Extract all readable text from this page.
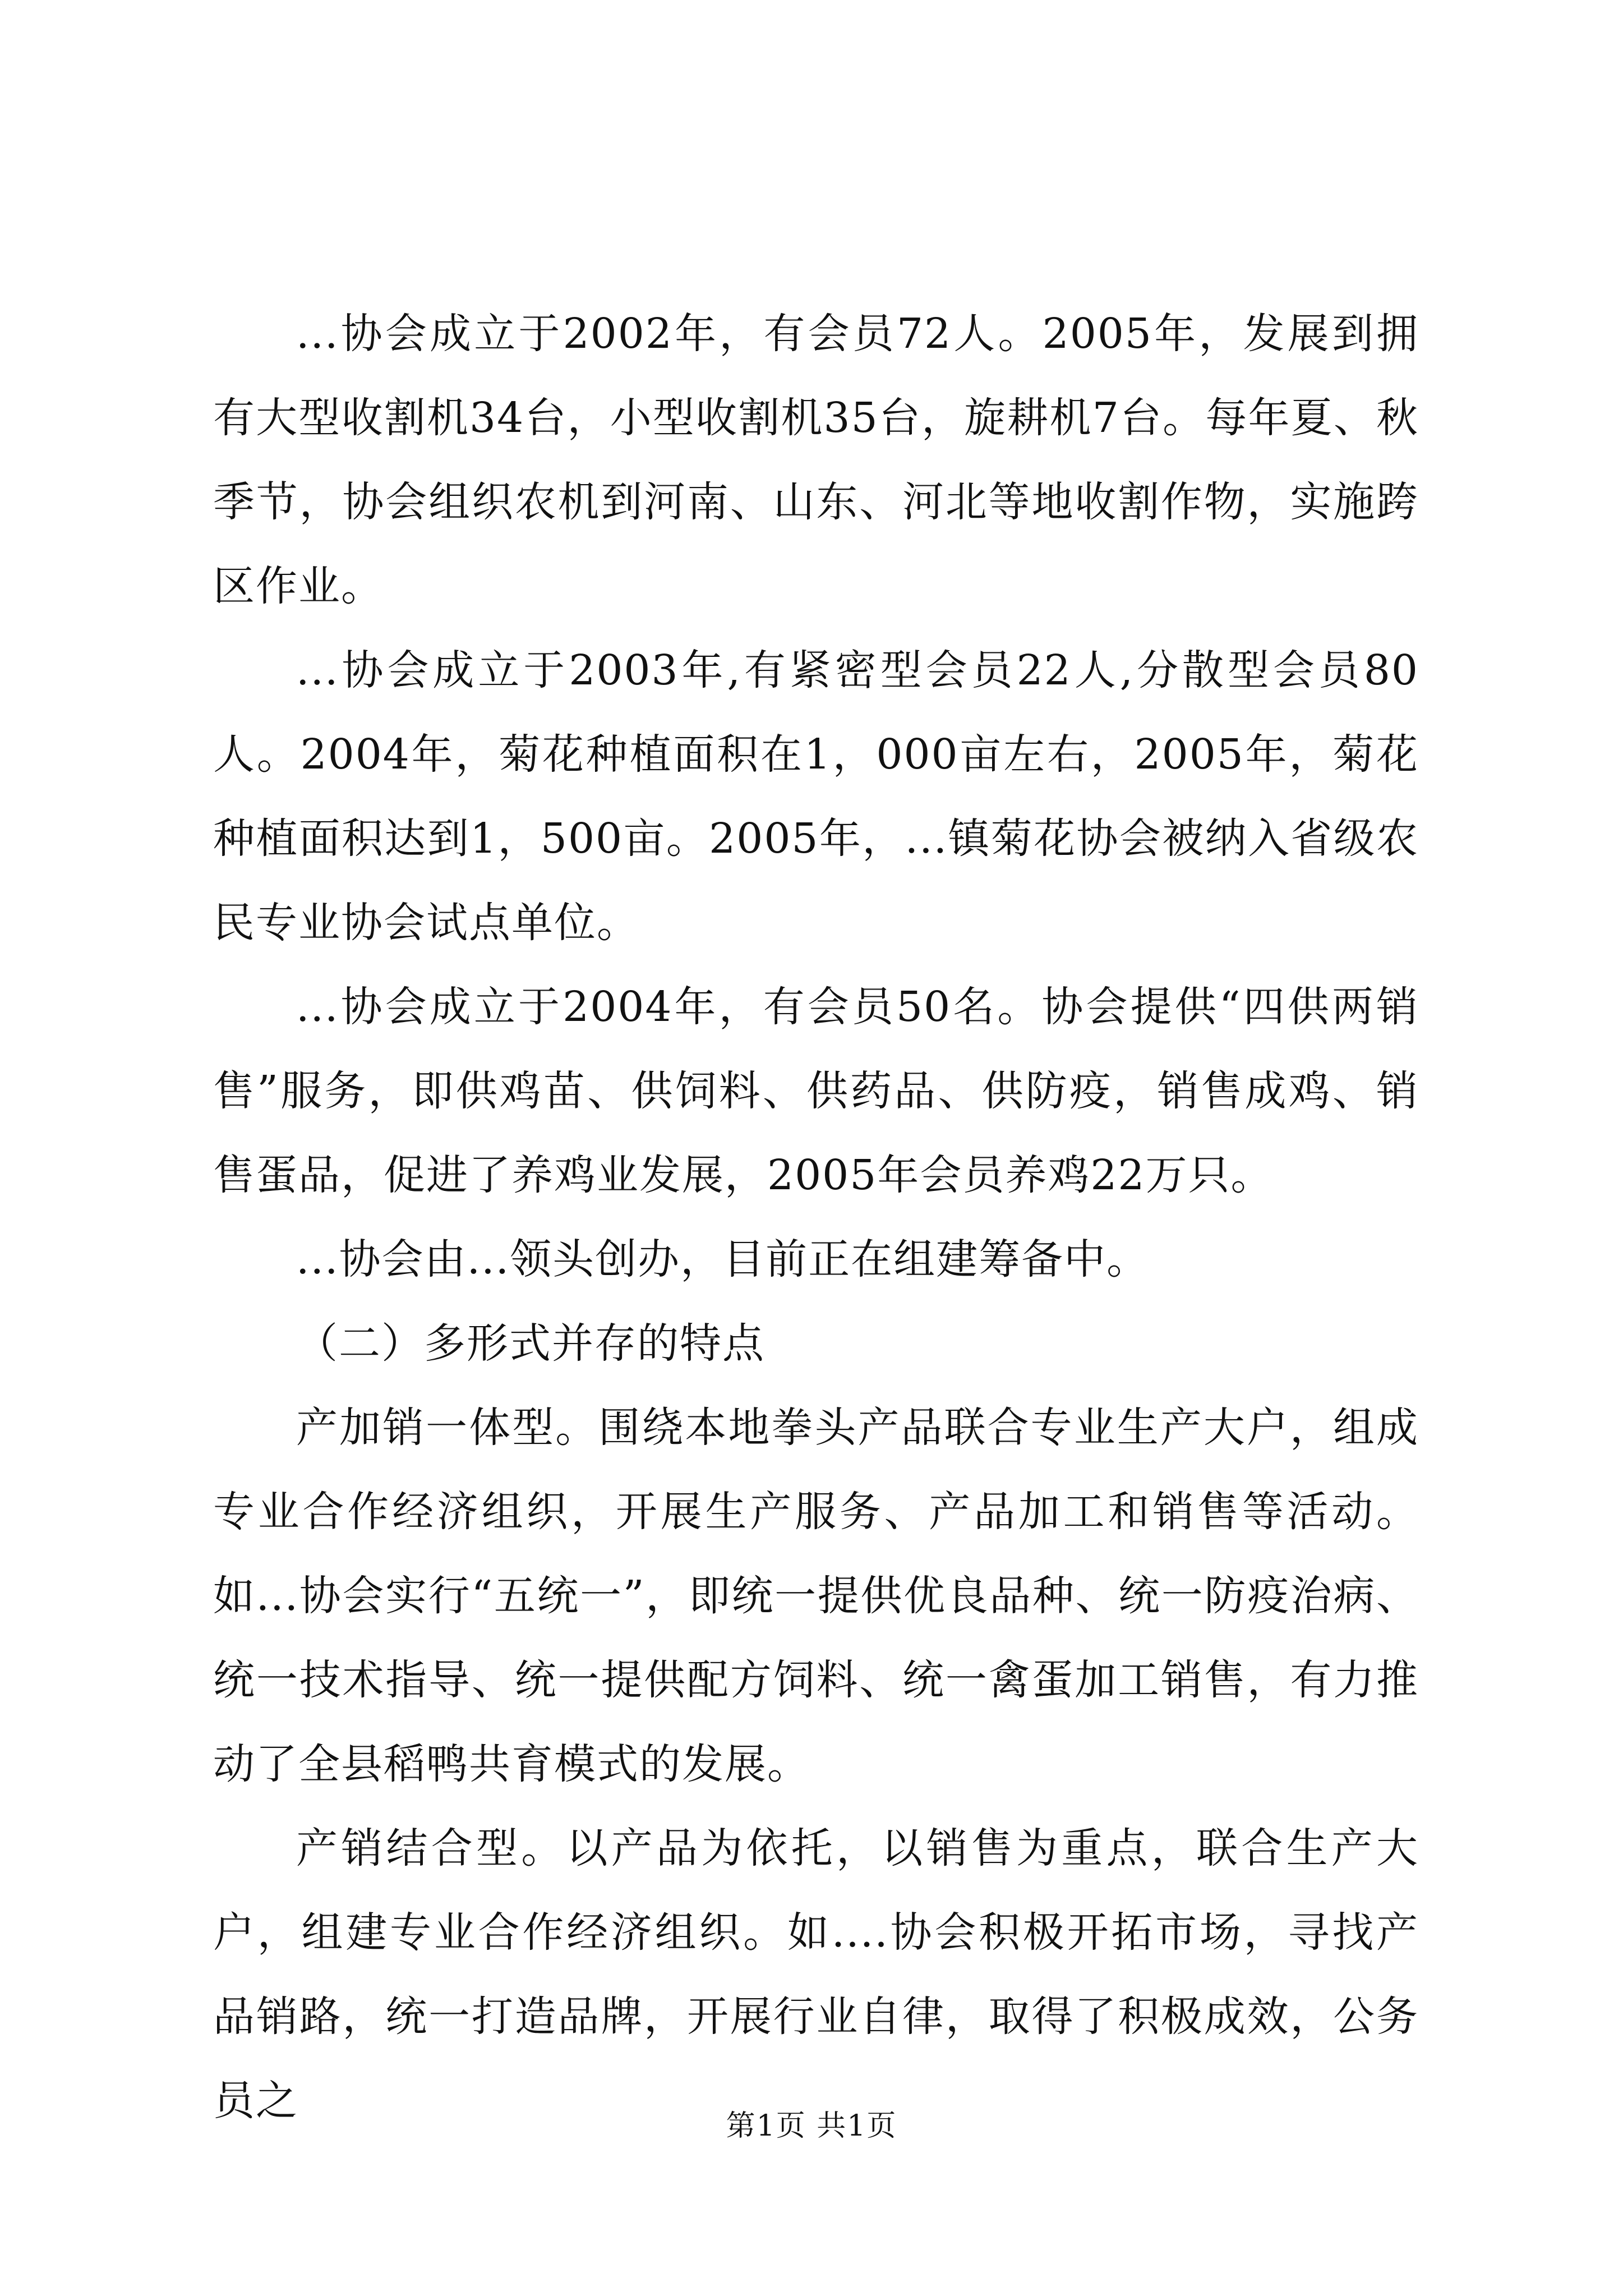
...协会成立于2002年，有会员72人。2005年，发展到拥有大型收割机34台，小型收割机35台，旋耕机7台。每年夏、秋季节，协会组织农机到河南、山东、河北等地收割作物，实施跨区作业。

...协会成立于2003年,有紧密型会员22人,分散型会员80人。2004年，菊花种植面积在1，000亩左右，2005年，菊花种植面积达到1，500亩。2005年，...镇菊花协会被纳入省级农民专业协会试点单位。

...协会成立于2004年，有会员50名。协会提供“四供两销售”服务，即供鸡苗、供饲料、供药品、供防疫，销售成鸡、销售蛋品，促进了养鸡业发展，2005年会员养鸡22万只。

...协会由...领头创办，目前正在组建筹备中。

（二）多形式并存的特点

产加销一体型。围绕本地拳头产品联合专业生产大户，组成专业合作经济组织，开展生产服务、产品加工和销售等活动。如...协会实行“五统一”，即统一提供优良品种、统一防疫治病、统一技术指导、统一提供配方饲料、统一禽蛋加工销售，有力推动了全县稻鸭共育模式的发展。

产销结合型。以产品为依托，以销售为重点，联合生产大户，组建专业合作经济组织。如....协会积极开拓市场，寻找产品销路，统一打造品牌，开展行业自律，取得了积极成效，公务员之

第1页 共1页
